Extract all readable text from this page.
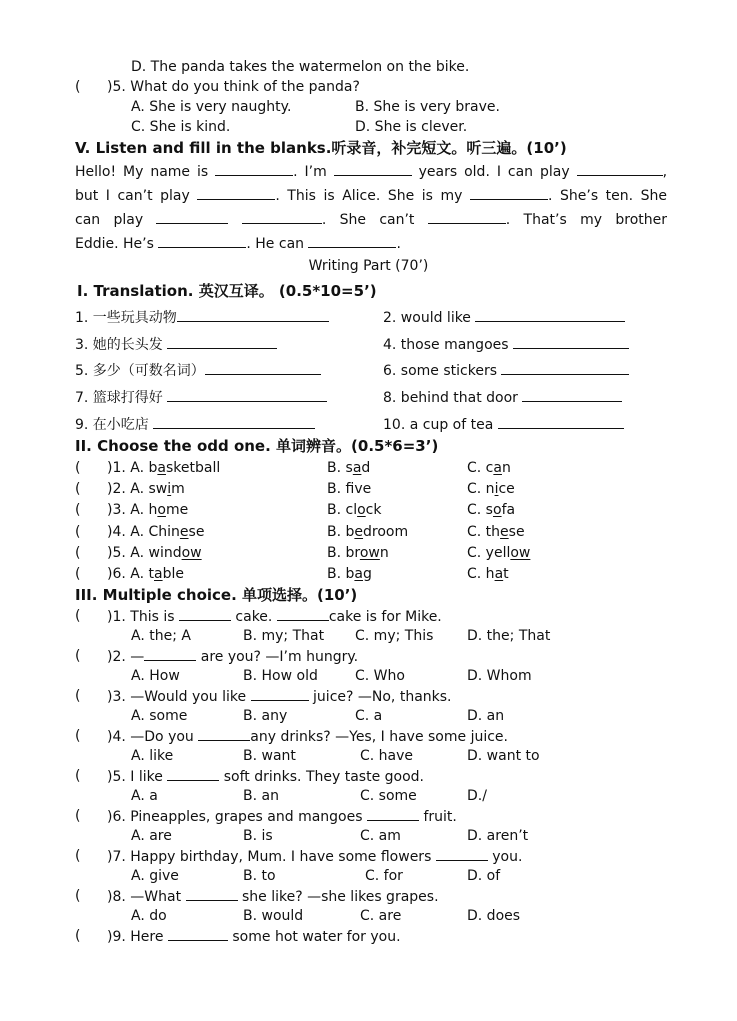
D. The panda takes the watermelon on the bike.
( )5. What do you think of the panda?
A. She is very naughty.	B. She is very brave.
C. She is kind.	D. She is clever.
V. Listen and fill in the blanks.听录音，补完短文。听三遍。(10’)
Hello! My name is	. I’m	years old. I can play	,
but I can’t play	. This is Alice. She is my	. She’s ten. She
can play	. She can’t	. That’s my brother
Eddie. He’s	. He can	.
Writing Part (70’)
Ⅰ. Translation. 英汉互译。 (0.5*10=5’)
1. 一些玩具动物	2. would like
3. 她的长头发	4. those mangoes
5. 多少（可数名词）	6. some stickers
7. 篮球打得好	8. behind that door
9. 在小吃店	10. a cup of tea
II. Choose the odd one. 单词辨音。(0.5*6=3’)
( )1. A. basketball	B. sad	C. can
( )2. A. swim	B. fve	C. nice
( )3. A. home	B. clock	C. sofa
( )4. A. Chinese	B. bedroom	C. these
( )5. A. window	B. brown	C. yellow
( )6. A. table	B. bag	C. hat
III. Multiple choice. 单项选择。(10’)
( )1. This is	cake.	cake is for Mike.
A. the; A	B. my; That C. my; This D. the; That
( )2. —	are you? —I’m hungry.
A. How	B. How old	C. Who	D. Whom
( )3. —Would you like	juice? —No, thanks.
A. some	B. any	C. a	D. an
( )4. —Do you	any drinks? —Yes, I have some juice.
A. like	B. want	C. have	D. want to
( )5. I like	soft drinks. They taste good.
A. a	B. an	C. some	D./
( )6. Pineapples, grapes and mangoes	fruit.
A. are	B. is	C. am	D. aren’t
( )7. Happy birthday, Mum. I have some flowers	you.
A. give	B. to	C. for	D. of
( )8. —What	she like? —she likes grapes.
A. do	B. would	C. are	D. does
( )9. Here	some hot water for you.
